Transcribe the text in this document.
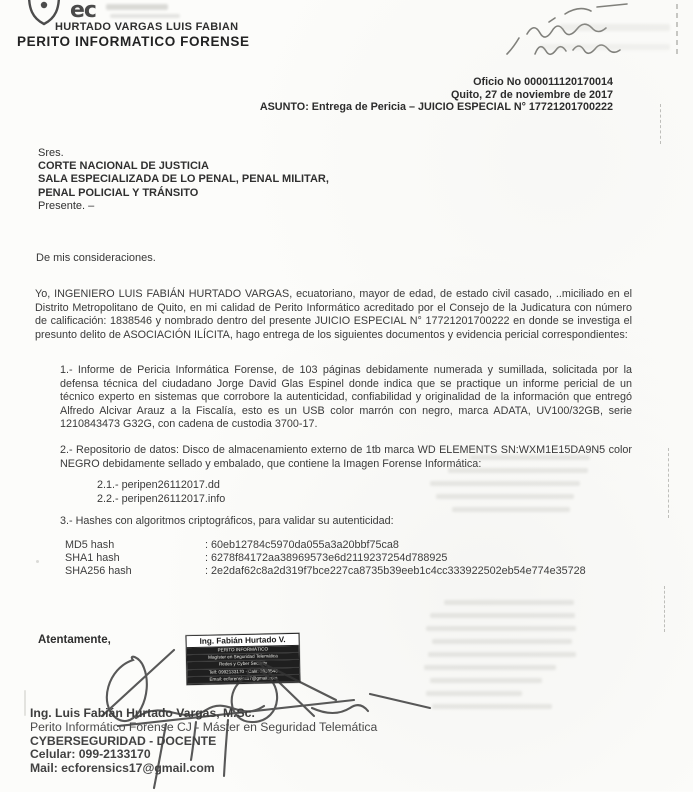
ec
HURTADO VARGAS LUIS FABIAN
PERITO INFORMATICO FORENSE
Oficio No 000011120170014
Quito, 27 de noviembre de 2017
ASUNTO: Entrega de Pericia – JUICIO ESPECIAL N° 17721201700222
Sres.
CORTE NACIONAL DE JUSTICIA
SALA ESPECIALIZADA DE LO PENAL, PENAL MILITAR,
PENAL POLICIAL Y TRÁNSITO
Presente. –
De mis consideraciones.
Yo, INGENIERO LUIS FABIÁN HURTADO VARGAS, ecuatoriano, mayor de edad, de estado civil casado, ..miciliado en el Distrito Metropolitano de Quito, en mi calidad de Perito Informático acreditado por el Consejo de la Judicatura con número de calificación: 1838546 y nombrado dentro del presente JUICIO ESPECIAL N° 17721201700222 en donde se investiga el presunto delito de ASOCIACIÓN ILÍCITA, hago entrega de los siguientes documentos y evidencia pericial correspondientes:
1.- Informe de Pericia Informática Forense, de 103 páginas debidamente numerada y sumillada, solicitada por la defensa técnica del ciudadano Jorge David Glas Espinel donde indica que se practique un informe pericial de un técnico experto en sistemas que corrobore la autenticidad, confiabilidad y originalidad de la información que entregó Alfredo Alcivar Arauz a la Fiscalía, esto es un USB color marrón con negro, marca ADATA, UV100/32GB, serie 1210843473 G32G, con cadena de custodia 3700-17.
2.- Repositorio de datos: Disco de almacenamiento externo de 1tb marca WD ELEMENTS SN:WXM1E15DA9N5 color NEGRO debidamente sellado y embalado, que contiene la Imagen Forense Informática:
2.1.- peripen26112017.dd
2.2.- peripen26112017.info
3.- Hashes con algoritmos criptográficos, para validar su autenticidad:
MD5 hash	: 60eb12784c5970da055a3a20bbf75ca8
SHA1 hash	: 6278f84172aa38969573e6d2119237254d788925
SHA256 hash	: 2e2daf62c8a2d319f7bce227ca8735b39eeb1c4cc333922502eb54e774e35728
Atentamente,	Ing. Fabián Hurtado V.
PERITO INFORMÁTICO
Magíster en Seguridad Telemática
Redes y Cyber Security
Telf: 0992133170 · Calif: 1838546
Email: ecforensics17@gmail.com
Ing. Luis Fabián Hurtado Vargas, M.Sc.
Perito Informático Forense CJ - Máster en Seguridad Telemática
CYBERSEGURIDAD - DOCENTE
Celular: 099-2133170
Mail: ecforensics17@gmail.com
